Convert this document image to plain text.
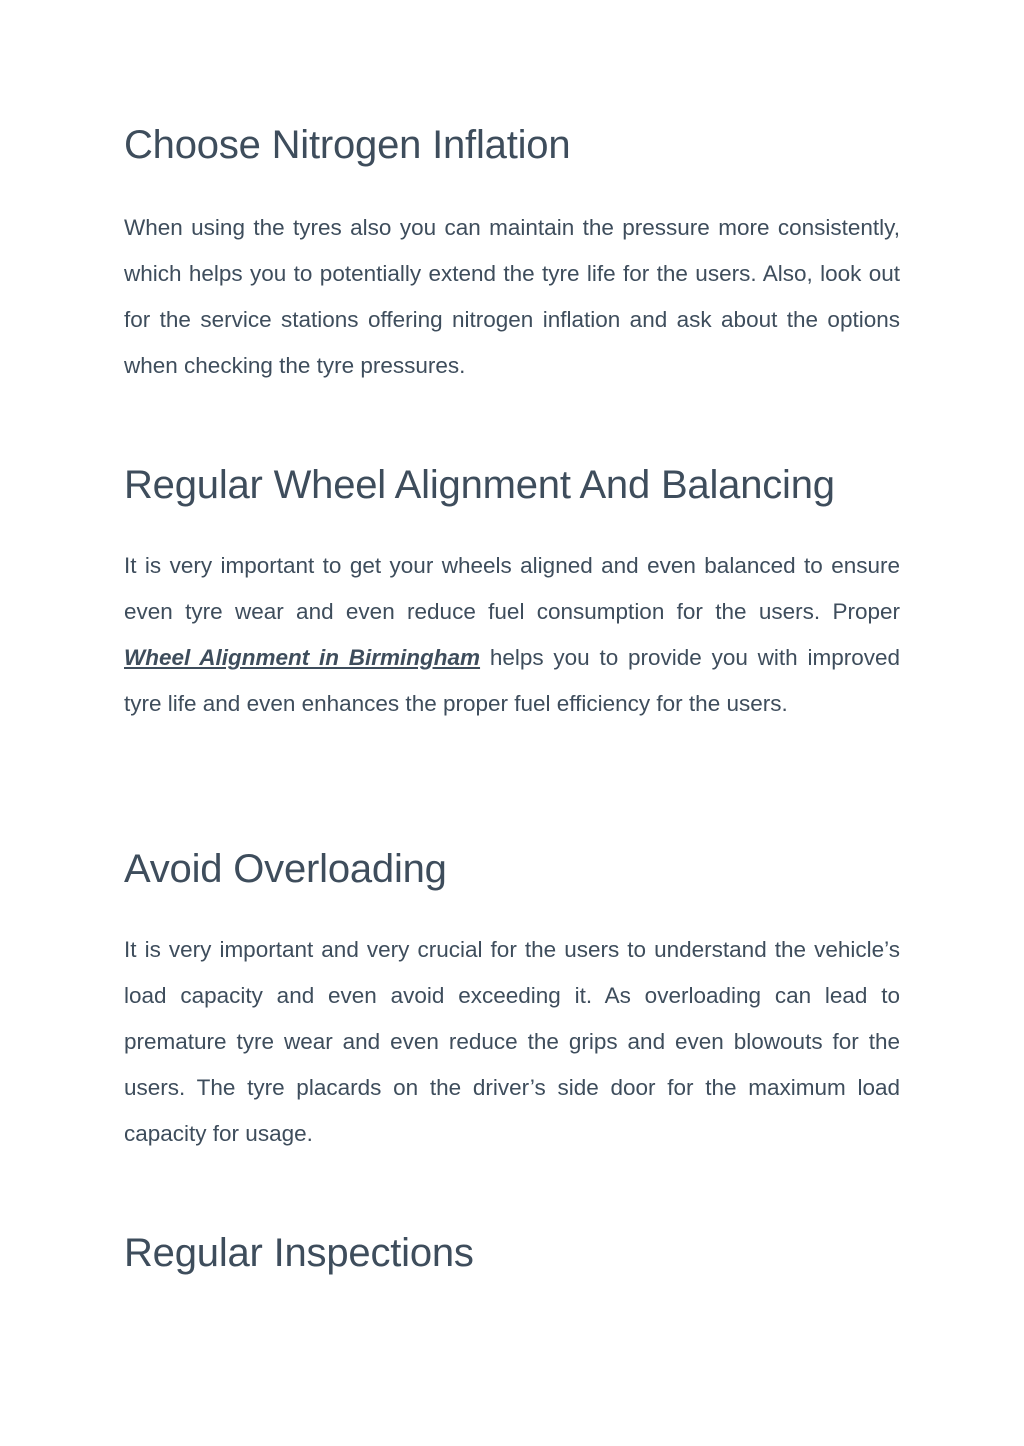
Choose Nitrogen Inflation

When using the tyres also you can maintain the pressure more consistently, which helps you to potentially extend the tyre life for the users. Also, look out for the service stations offering nitrogen inflation and ask about the options when checking the tyre pressures.

Regular Wheel Alignment And Balancing

It is very important to get your wheels aligned and even balanced to ensure even tyre wear and even reduce fuel consumption for the users. Proper Wheel Alignment in Birmingham helps you to provide you with improved tyre life and even enhances the proper fuel efficiency for the users.

Avoid Overloading

It is very important and very crucial for the users to understand the vehicle’s load capacity and even avoid exceeding it. As overloading can lead to premature tyre wear and even reduce the grips and even blowouts for the users. The tyre placards on the driver’s side door for the maximum load capacity for usage.

Regular Inspections
